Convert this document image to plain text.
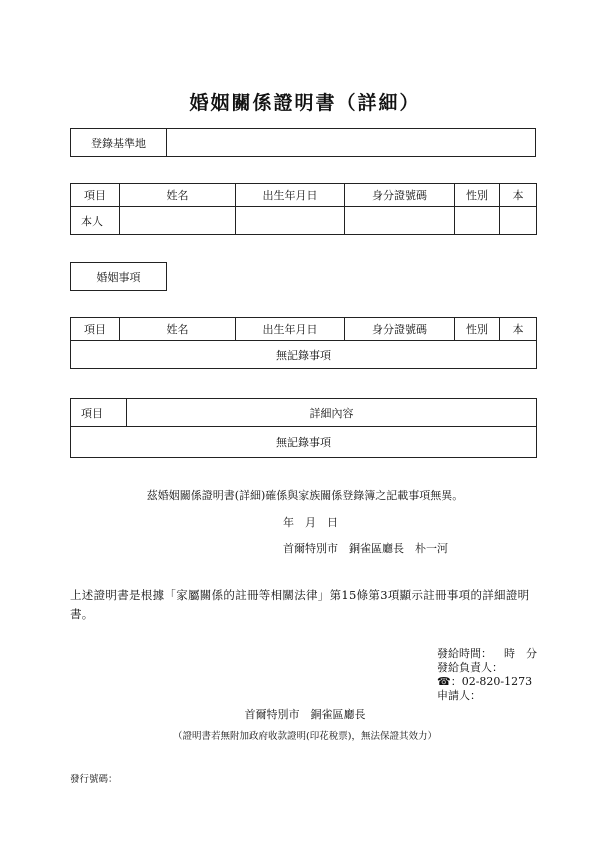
婚姻關係證明書（詳細）
登錄基準地
項目	姓名	出生年月日	身分證號碼	性別	本
本人					
婚姻事項
項目	姓名	出生年月日	身分證號碼	性別	本
無記錄事項
項目	詳細內容
無記錄事項
茲婚姻關係證明書(詳細)確係與家族關係登錄簿之記載事項無異。
年　月　日
首爾特別市　銅雀區廳長　朴一河
上述證明書是根據「家屬關係的註冊等相關法律」第15條第3項顯示註冊事項的詳細證明書。
發給時間： 時　分
發給負責人：
☎：02-820-1273
申請人：
首爾特別市　銅雀區廳長
（證明書若無附加政府收款證明(印花稅票)，無法保證其效力）
發行號碼：
